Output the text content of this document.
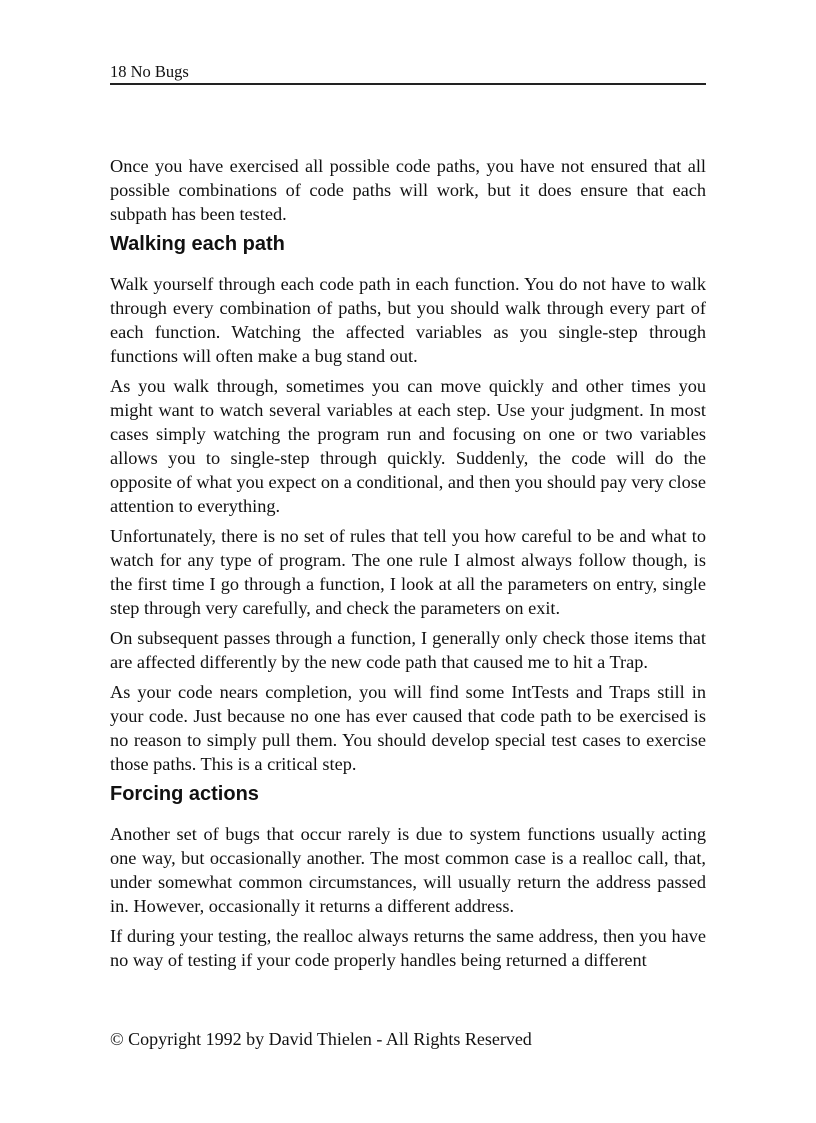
18 No Bugs

Once you have exercised all possible code paths, you have not ensured that all possible combinations of code paths will work, but it does ensure that each subpath has been tested.

Walking each path

Walk yourself through each code path in each function. You do not have to walk through every combination of paths, but you should walk through every part of each function. Watching the affected variables as you single-step through functions will often make a bug stand out.

As you walk through, sometimes you can move quickly and other times you might want to watch several variables at each step. Use your judgment. In most cases simply watching the program run and focusing on one or two variables allows you to single-step through quickly. Suddenly, the code will do the opposite of what you expect on a conditional, and then you should pay very close attention to everything.

Unfortunately, there is no set of rules that tell you how careful to be and what to watch for any type of program. The one rule I almost always follow though, is the first time I go through a function, I look at all the parameters on entry, single step through very carefully, and check the parameters on exit.

On subsequent passes through a function, I generally only check those items that are affected differently by the new code path that caused me to hit a Trap.

As your code nears completion, you will find some IntTests and Traps still in your code. Just because no one has ever caused that code path to be exercised is no reason to simply pull them. You should develop special test cases to exercise those paths. This is a critical step.

Forcing actions

Another set of bugs that occur rarely is due to system functions usually acting one way, but occasionally another. The most common case is a realloc call, that, under somewhat common circumstances, will usually return the address passed in. However, occasionally it returns a different address.

If during your testing, the realloc always returns the same address, then you have no way of testing if your code properly handles being returned a different

© Copyright 1992 by David Thielen - All Rights Reserved
